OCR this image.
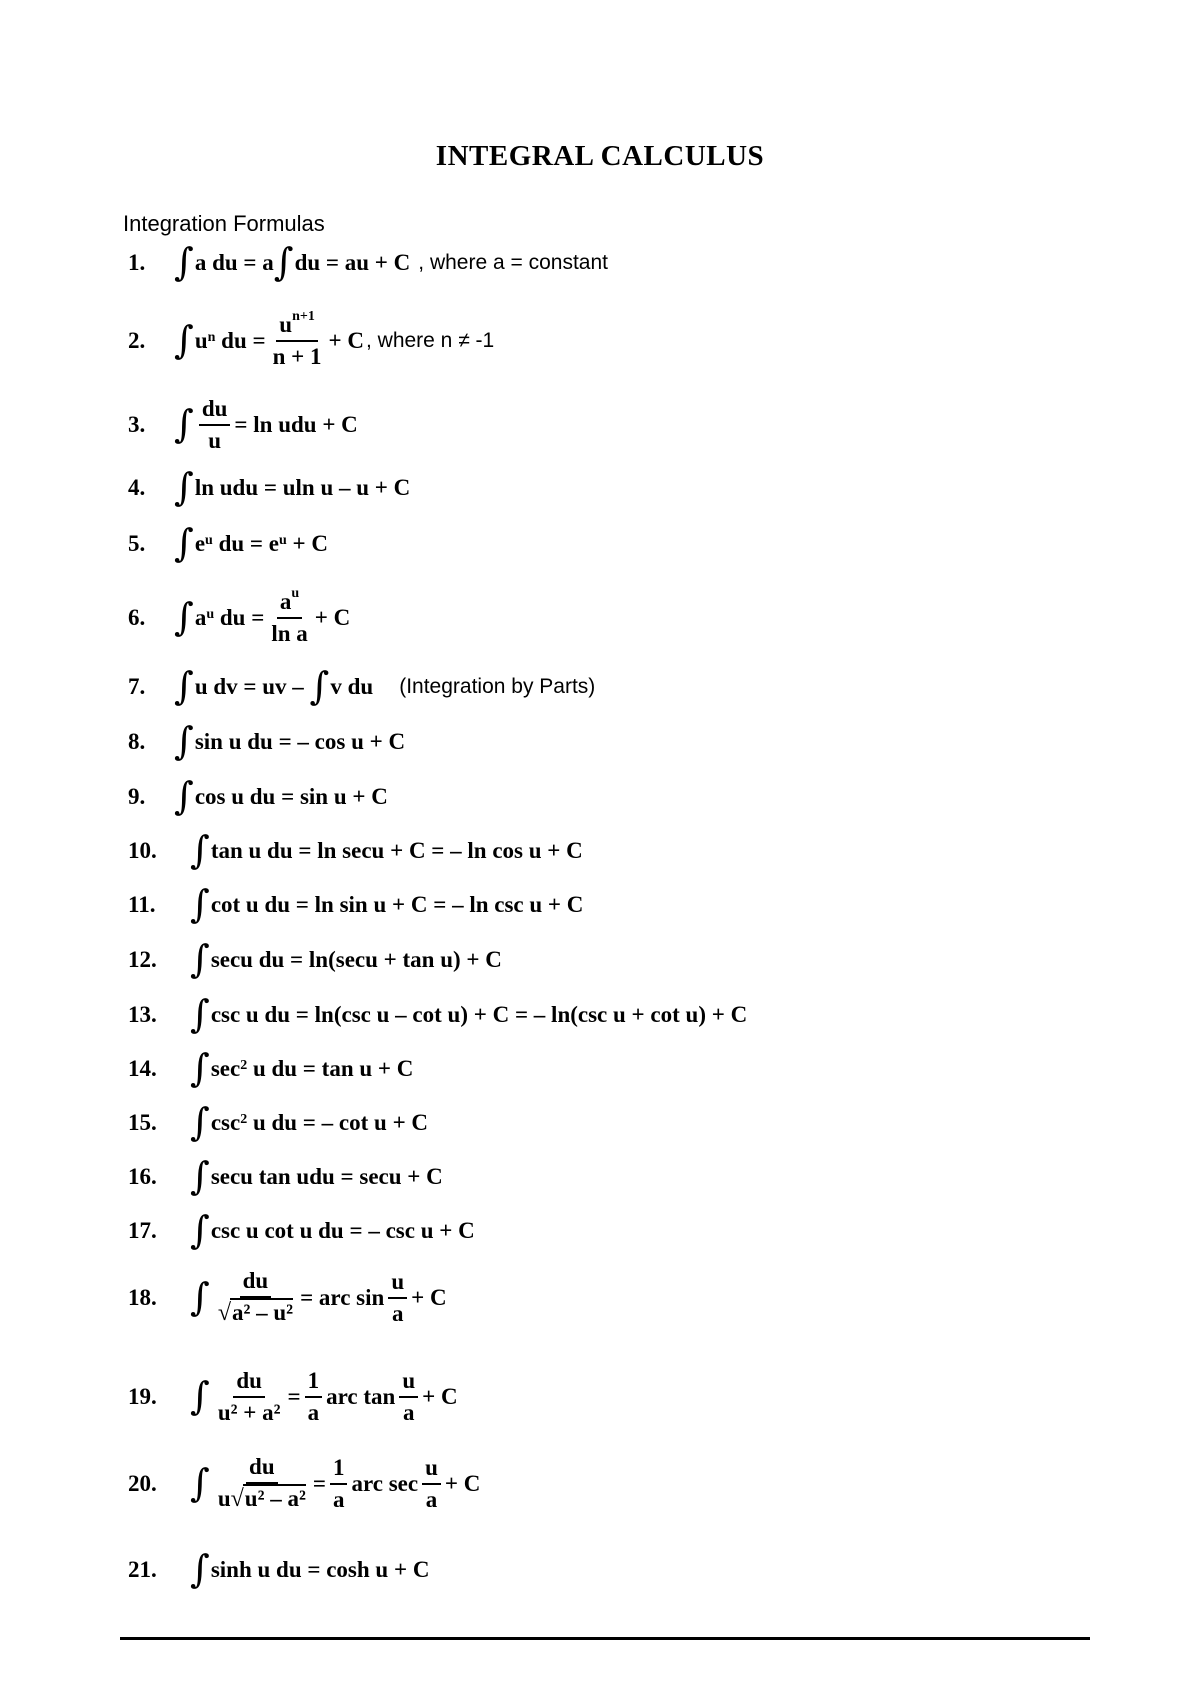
INTEGRAL CALCULUS
Integration Formulas
1. ∫ a du = a ∫ du = au + C , where a = constant
2. ∫ $u^n$ du = $\frac{u^{n+1}}{n + 1} + C$ , where n ≠ -1
3. ∫ $\frac{du}{u} = \ln$ udu + C
4. ∫ ln udu = uln u – u + C
5. ∫ $e^u$ du = $e^u + C$
6. ∫ $a^u$ du = $\frac{a^u}{\text{ln a}} + C$
7. ∫ u dv = uv – ∫ v du (Integration by Parts)
8. ∫ sin u du = – cos u + C
9. ∫ cos u du = sin u + C
10. ∫ tan u du = ln secu + C = – ln cos u + C
11. ∫ cot u du = ln sin u + C = – ln csc u + C
12. ∫ secu du = ln(secu + tan u) + C
13. ∫ csc u du = ln(csc u – cot u) + C = – ln(csc u + cot u) + C
14. ∫ $\sec^2 u$ du = tan u + C
15. ∫ $\csc^2 u$ du = – cot u + C
16. ∫ secu tan udu = secu + C
17. ∫ csc u cot u du = – csc u + C
18. ∫ $\frac{du}{\text{√a² – u²}}$ = arc $\sin \frac{u}{a} + C$
19. ∫ $\frac{du}{\text{u² + a²}} = \frac{1}{a}$ arc $\tan \frac{u}{a} + C$
20. ∫ $\frac{du}{\text{u√u² – a²}} = \frac{1}{a}$ arc $\sec \frac{u}{a} + C$
21. ∫ sinh u du = cosh u + C
